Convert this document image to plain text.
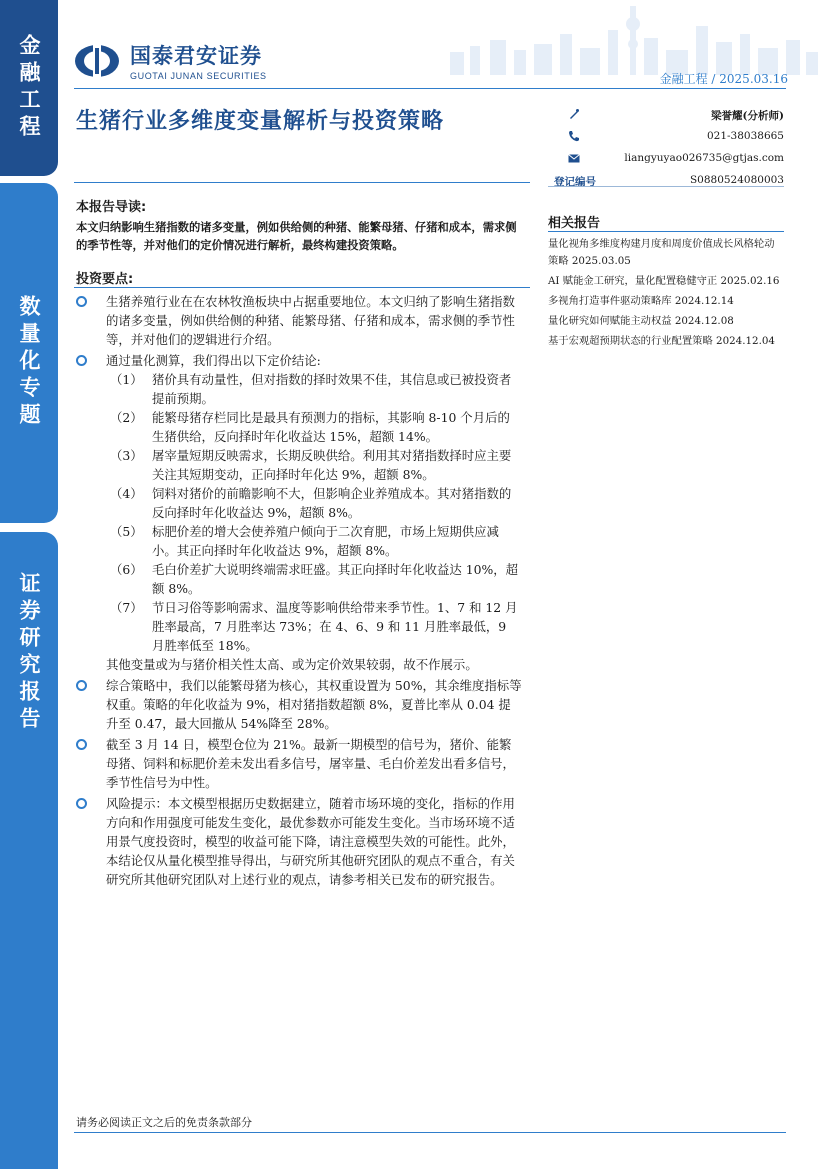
金融工程
数量化专题
证券研究报告
国泰君安证券
GUOTAI JUNAN SECURITIES	金融工程 / 2025.03.16
生猪行业多维度变量解析与投资策略	梁誉耀(分析师)
021-38038665
liangyuyao026735@gtjas.com
登记编号	S0880524080003
本报告导读:
本文归纳影响生猪指数的诸多变量，例如供给侧的种猪、能繁母猪、仔猪和成本，需求侧的季节性等，并对他们的定价情况进行解析，最终构建投资策略。
投资要点:
生猪养殖行业在在农林牧渔板块中占据重要地位。本文归纳了影响生猪指数的诸多变量，例如供给侧的种猪、能繁母猪、仔猪和成本，需求侧的季节性等，并对他们的逻辑进行介绍。
通过量化测算，我们得出以下定价结论:
（1） 猪价具有动量性，但对指数的择时效果不佳，其信息或已被投资者提前预期。
（2） 能繁母猪存栏同比是最具有预测力的指标，其影响 8-10 个月后的生猪供给，反向择时年化收益达 15%，超额 14%。
（3） 屠宰量短期反映需求，长期反映供给。利用其对猪指数择时应主要关注其短期变动，正向择时年化达 9%，超额 8%。
（4） 饲料对猪价的前瞻影响不大，但影响企业养殖成本。其对猪指数的反向择时年化收益达 9%，超额 8%。
（5） 标肥价差的增大会使养殖户倾向于二次育肥，市场上短期供应减小。其正向择时年化收益达 9%，超额 8%。
（6） 毛白价差扩大说明终端需求旺盛。其正向择时年化收益达 10%，超额 8%。
（7） 节日习俗等影响需求、温度等影响供给带来季节性。1、7 和 12 月胜率最高，7 月胜率达 73%；在 4、6、9 和 11 月胜率最低，9 月胜率低至 18%。
其他变量或为与猪价相关性太高、或为定价效果较弱，故不作展示。
综合策略中，我们以能繁母猪为核心，其权重设置为 50%，其余维度指标等权重。策略的年化收益为 9%，相对猪指数超额 8%，夏普比率从 0.04 提升至 0.47，最大回撤从 54%降至 28%。
截至 3 月 14 日，模型仓位为 21%。最新一期模型的信号为，猪价、能繁母猪、饲料和标肥价差未发出看多信号，屠宰量、毛白价差发出看多信号，季节性信号为中性。
风险提示：本文模型根据历史数据建立，随着市场环境的变化，指标的作用方向和作用强度可能发生变化，最优参数亦可能发生变化。当市场环境不适用景气度投资时，模型的收益可能下降，请注意模型失效的可能性。此外，本结论仅从量化模型推导得出，与研究所其他研究团队的观点不重合，有关研究所其他研究团队对上述行业的观点，请参考相关已发布的研究报告。
相关报告
量化视角多维度构建月度和周度价值成长风格轮动策略 2025.03.05
AI 赋能金工研究，量化配置稳健守正 2025.02.16
多视角打造事件驱动策略库 2024.12.14
量化研究如何赋能主动权益 2024.12.08
基于宏观超预期状态的行业配置策略 2024.12.04
请务必阅读正文之后的免责条款部分
